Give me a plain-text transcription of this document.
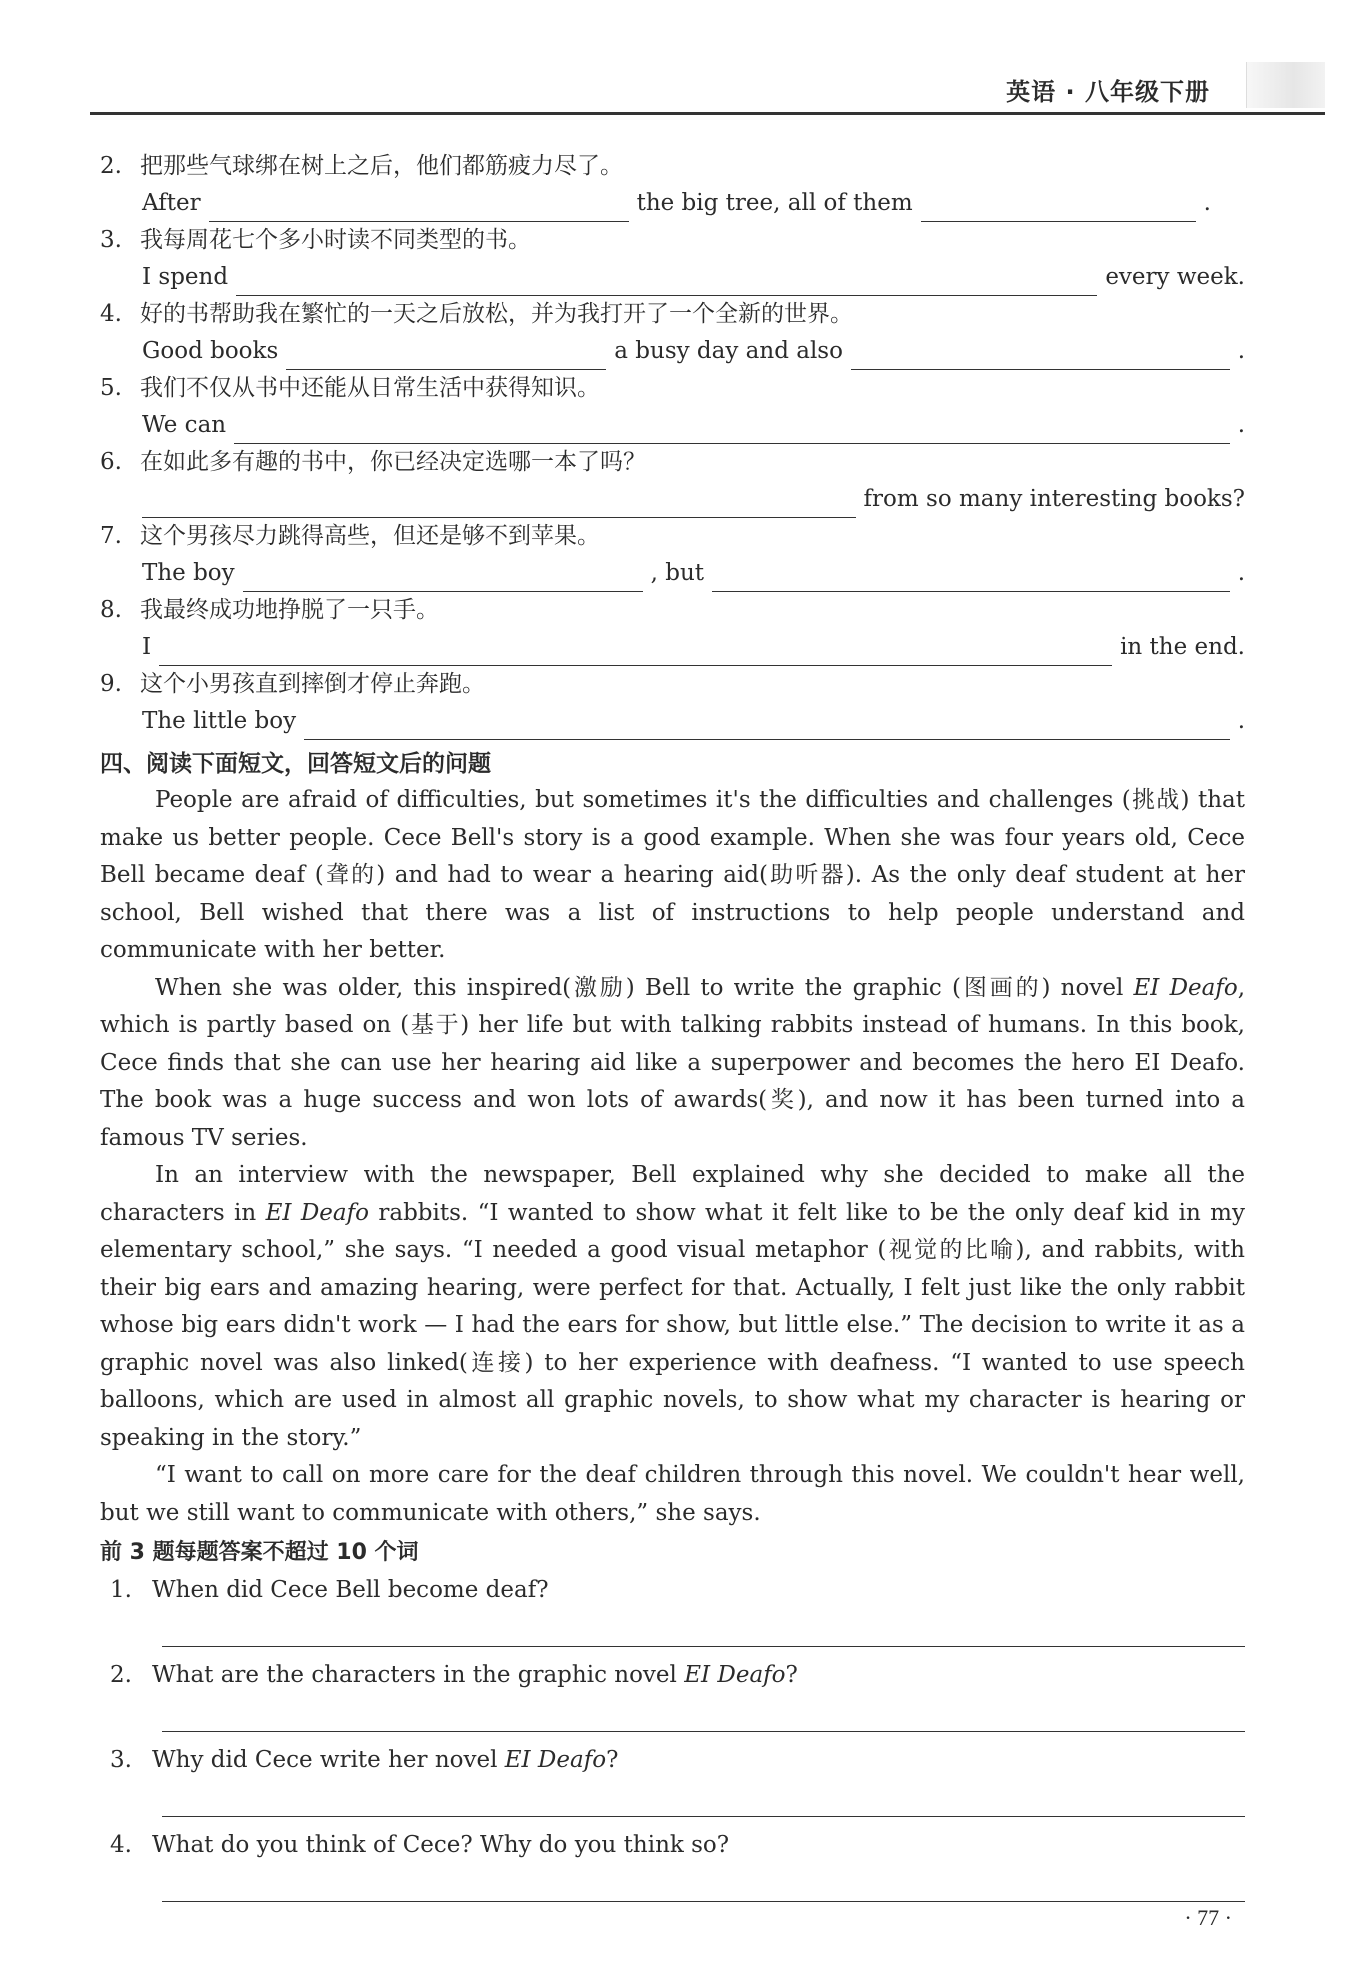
英语 · 八年级下册
2. 把那些气球绑在树上之后，他们都筋疲力尽了。
After	the big tree, all of them	.
3. 我每周花七个多小时读不同类型的书。
I spend	every week.
4. 好的书帮助我在繁忙的一天之后放松，并为我打开了一个全新的世界。
Good books	a busy day and also	.
5. 我们不仅从书中还能从日常生活中获得知识。
We can	.
6. 在如此多有趣的书中，你已经决定选哪一本了吗？
from so many interesting books?
7. 这个男孩尽力跳得高些，但还是够不到苹果。
The boy	, but	.
8. 我最终成功地挣脱了一只手。
I	in the end.
9. 这个小男孩直到摔倒才停止奔跑。
The little boy	.
四、阅读下面短文，回答短文后的问题

People are afraid of difficulties, but sometimes it's the difficulties and challenges (挑战) that make us better people. Cece Bell's story is a good example. When she was four years old, Cece Bell became deaf (聋的) and had to wear a hearing aid(助听器). As the only deaf student at her school, Bell wished that there was a list of instructions to help people understand and communicate with her better.

When she was older, this inspired(激励) Bell to write the graphic (图画的) novel EI Deafo, which is partly based on (基于) her life but with talking rabbits instead of humans. In this book, Cece finds that she can use her hearing aid like a superpower and becomes the hero EI Deafo. The book was a huge success and won lots of awards(奖), and now it has been turned into a famous TV series.

In an interview with the newspaper, Bell explained why she decided to make all the characters in EI Deafo rabbits. “I wanted to show what it felt like to be the only deaf kid in my elementary school,” she says. “I needed a good visual metaphor (视觉的比喻), and rabbits, with their big ears and amazing hearing, were perfect for that. Actually, I felt just like the only rabbit whose big ears didn't work — I had the ears for show, but little else.” The decision to write it as a graphic novel was also linked(连接) to her experience with deafness. “I wanted to use speech balloons, which are used in almost all graphic novels, to show what my character is hearing or speaking in the story.”

“I want to call on more care for the deaf children through this novel. We couldn't hear well, but we still want to communicate with others,” she says.

前 3 题每题答案不超过 10 个词
1. When did Cece Bell become deaf?
2. What are the characters in the graphic novel EI Deafo?
3. Why did Cece write her novel EI Deafo?
4. What do you think of Cece? Why do you think so?
· 77 ·
